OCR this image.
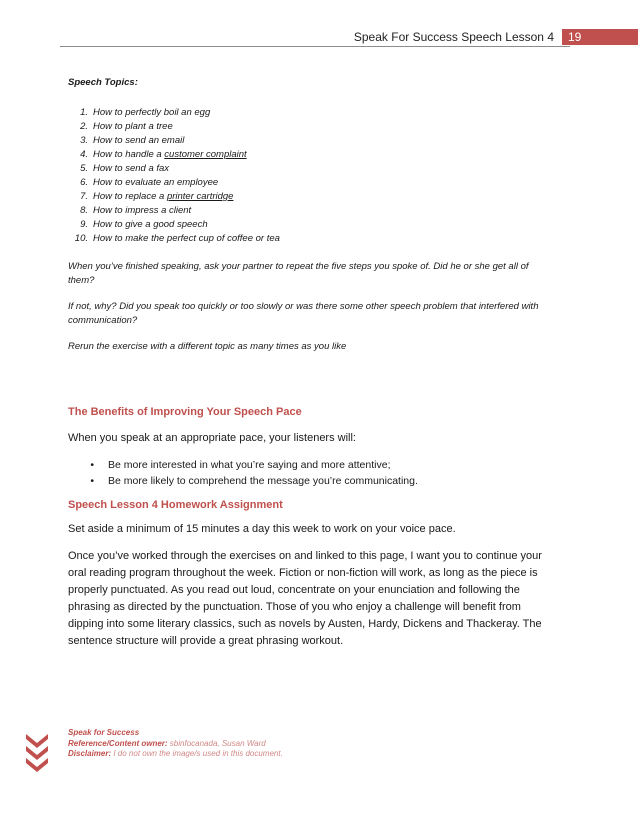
Speak For Success Speech Lesson 4	19
Speech Topics:
1. How to perfectly boil an egg
2. How to plant a tree
3. How to send an email
4. How to handle a customer complaint
5. How to send a fax
6. How to evaluate an employee
7. How to replace a printer cartridge
8. How to impress a client
9. How to give a good speech
10. How to make the perfect cup of coffee or tea

When you’ve finished speaking, ask your partner to repeat the five steps you spoke of. Did he or she get all of them?

If not, why? Did you speak too quickly or too slowly or was there some other speech problem that interfered with communication?

Rerun the exercise with a different topic as many times as you like

The Benefits of Improving Your Speech Pace

When you speak at an appropriate pace, your listeners will:

•	Be more interested in what you’re saying and more attentive;
•	Be more likely to comprehend the message you’re communicating.
Speech Lesson 4 Homework Assignment

Set aside a minimum of 15 minutes a day this week to work on your voice pace.

Once you’ve worked through the exercises on and linked to this page, I want you to continue your oral reading program throughout the week. Fiction or non-fiction will work, as long as the piece is properly punctuated. As you read out loud, concentrate on your enunciation and following the phrasing as directed by the punctuation. Those of you who enjoy a challenge will benefit from dipping into some literary classics, such as novels by Austen, Hardy, Dickens and Thackeray. The sentence structure will provide a great phrasing workout.

Speak for Success
Reference/Content owner: sbinfocanada, Susan Ward
Disclaimer: I do not own the image/s used in this document.
